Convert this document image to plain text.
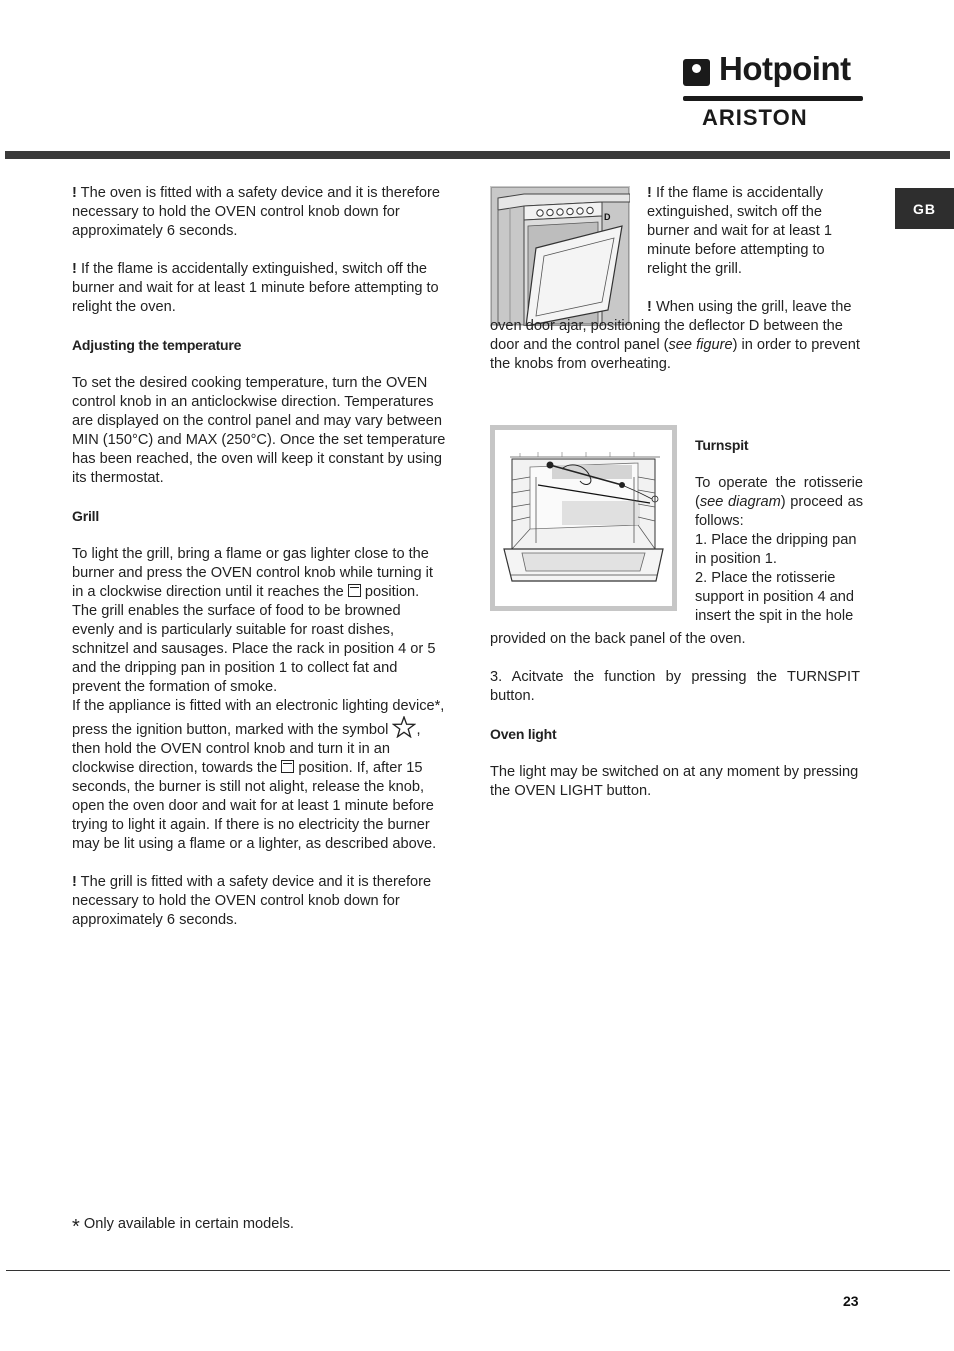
Hotpoint
ARISTON
GB

! The oven is fitted with a safety device and it is therefore necessary to hold the OVEN control knob down for approximately 6 seconds.

! If the flame is accidentally extinguished, switch off the burner and wait for at least 1 minute before attempting to relight the oven.

Adjusting the temperature

To set the desired cooking temperature, turn the OVEN control knob in an anticlockwise direction. Temperatures are displayed on the control panel and may vary between MIN (150°C) and MAX (250°C). Once the set temperature has been reached, the oven will keep it constant by using its thermostat.

Grill

To light the grill, bring a flame or gas lighter close to the burner and press the OVEN control knob while turning it in a clockwise direction until it reaches the position. The grill enables the surface of food to be browned evenly and is particularly suitable for roast dishes, schnitzel and sausages. Place the rack in position 4 or 5 and the dripping pan in position 1 to collect fat and prevent the formation of smoke.
If the appliance is fitted with an electronic lighting device*, press the ignition button, marked with the symbol , then hold the OVEN control knob and turn it in an clockwise direction, towards the position. If, after 15 seconds, the burner is still not alight, release the knob, open the oven door and wait for at least 1 minute before trying to light it again. If there is no electricity the burner may be lit using a flame or a lighter, as described above.

! The grill is fitted with a safety device and it is therefore necessary to hold the OVEN control knob down for approximately 6 seconds.

D

! If the flame is accidentally extinguished, switch off the burner and wait for at least 1 minute before attempting to relight the grill.

! When using the grill, leave the oven door ajar, positioning the deflector D between the door and the control panel (see figure) in order to prevent the knobs from overheating.

Turnspit

To operate the rotisserie (see diagram) proceed as follows:

1. Place the dripping pan in position 1.

2. Place the rotisserie support in position 4 and insert the spit in the hole

provided on the back panel of the oven.

3. Acitvate the function by pressing the TURNSPIT button.

Oven light

The light may be switched on at any moment by pressing the OVEN LIGHT button.

* Only available in certain models.
23
